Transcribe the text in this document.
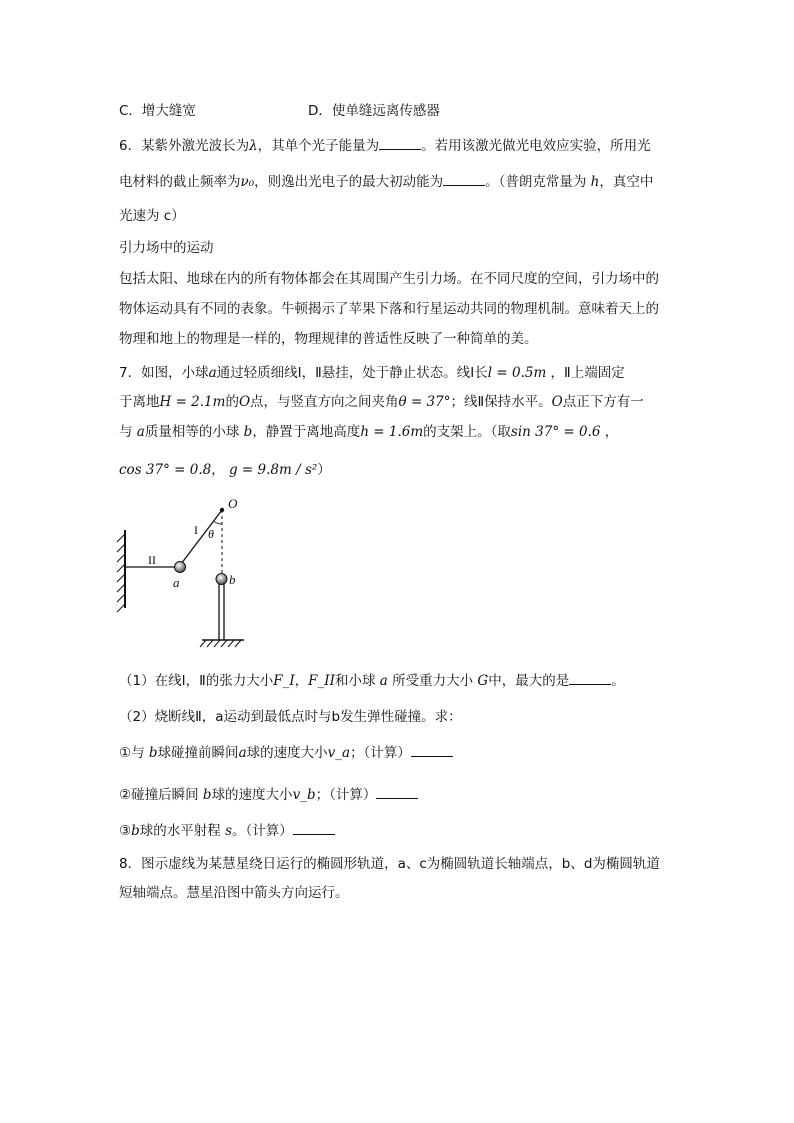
C．增大缝宽	D．使单缝远离传感器
6．某紫外激光波长为λ，其单个光子能量为	。若用该激光做光电效应实验，所用光
电材料的截止频率为ν₀，则逸出光电子的最大初动能为	。（普朗克常量为 h，真空中
光速为 c）
引力场中的运动
包括太阳、地球在内的所有物体都会在其周围产生引力场。在不同尺度的空间，引力场中的
物体运动具有不同的表象。牛顿揭示了苹果下落和行星运动共同的物理机制。意味着天上的
物理和地上的物理是一样的，物理规律的普适性反映了一种简单的美。
7．如图，小球a通过轻质细线Ⅰ，Ⅱ悬挂，处于静止状态。线Ⅰ长l = 0.5m ，Ⅱ上端固定
于离地H = 2.1m的O点，与竖直方向之间夹角θ = 37°；线Ⅱ保持水平。O点正下方有一
与 a质量相等的小球 b，静置于离地高度h = 1.6m的支架上。（取sin 37° = 0.6 ，
cos 37° = 0.8， g = 9.8m / s²）
O
I θ
II
a	b
（1）在线Ⅰ，Ⅱ的张力大小F_I，F_II和小球 a 所受重力大小 G中，最大的是	。
（2）烧断线Ⅱ，a运动到最低点时与b发生弹性碰撞。求：
①与 b球碰撞前瞬间a球的速度大小v_a；（计算）
②碰撞后瞬间 b球的速度大小v_b；（计算）
③b球的水平射程 s。（计算）
8．图示虚线为某慧星绕日运行的椭圆形轨道，a、c为椭圆轨道长轴端点，b、d为椭圆轨道
短轴端点。慧星沿图中箭头方向运行。
